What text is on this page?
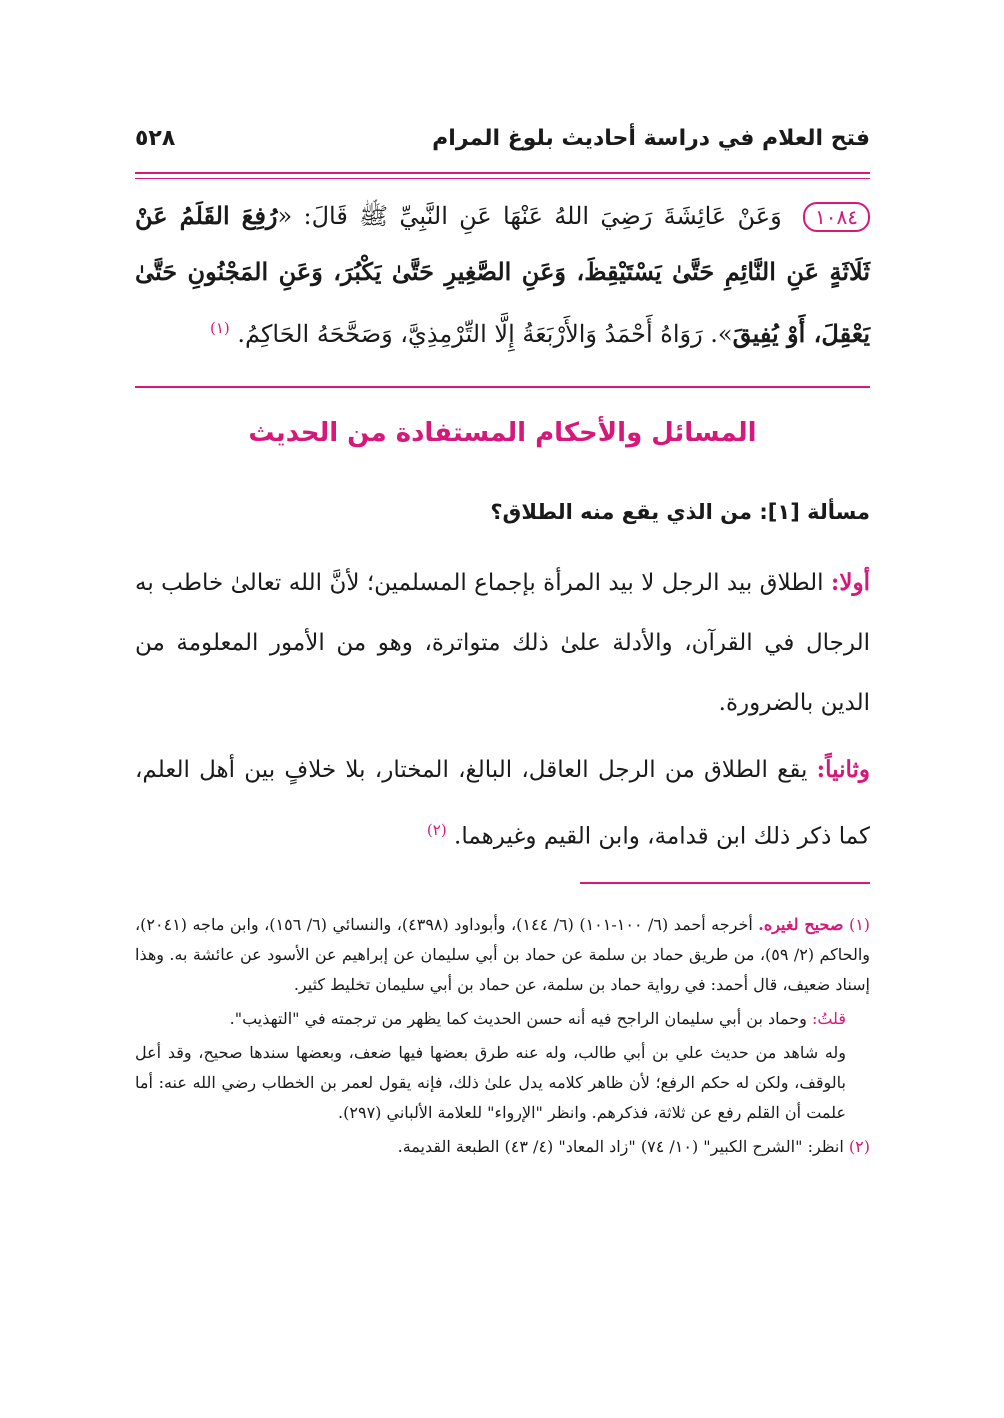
فتح العلام في دراسة أحاديث بلوغ المرام
٥٢٨
١٠٨٤ وَعَنْ عَائِشَةَ رَضِيَ اللهُ عَنْهَا عَنِ النَّبِيِّ ﷺ قَالَ: «رُفِعَ القَلَمُ عَنْ ثَلَاثَةٍ عَنِ النَّائِمِ حَتَّىٰ يَسْتَيْقِظَ، وَعَنِ الصَّغِيرِ حَتَّىٰ يَكْبُرَ، وَعَنِ المَجْنُونِ حَتَّىٰ يَعْقِلَ، أَوْ يُفِيقَ». رَوَاهُ أَحْمَدُ وَالأَرْبَعَةُ إِلَّا التِّرْمِذِيَّ، وَصَحَّحَهُ الحَاكِمُ. $^{(١)}$
المسائل والأحكام المستفادة من الحديث
مسألة [١]: من الذي يقع منه الطلاق؟
أولا: الطلاق بيد الرجل لا بيد المرأة بإجماع المسلمين؛ لأنَّ الله تعالىٰ خاطب به الرجال في القرآن، والأدلة علىٰ ذلك متواترة، وهو من الأمور المعلومة من الدين بالضرورة.
وثانياً: يقع الطلاق من الرجل العاقل، البالغ، المختار، بلا خلافٍ بين أهل العلم، كما ذكر ذلك ابن قدامة، وابن القيم وغيرهما. $^{(٢)}$

(١) صحيح لغيره. أخرجه أحمد (٦/ ١٠٠-١٠١) (٦/ ١٤٤)، وأبوداود (٤٣٩٨)، والنسائي (٦/ ١٥٦)، وابن ماجه (٢٠٤١)، والحاكم (٢/ ٥٩)، من طريق حماد بن سلمة عن حماد بن أبي سليمان عن إبراهيم عن الأسود عن عائشة به. وهذا إسناد ضعيف، قال أحمد: في رواية حماد بن سلمة، عن حماد بن أبي سليمان تخليط كثير.

قلتُ: وحماد بن أبي سليمان الراجح فيه أنه حسن الحديث كما يظهر من ترجمته في "التهذيب".

وله شاهد من حديث علي بن أبي طالب، وله عنه طرق بعضها فيها ضعف، وبعضها سندها صحيح، وقد أعل بالوقف، ولكن له حكم الرفع؛ لأن ظاهر كلامه يدل علىٰ ذلك، فإنه يقول لعمر بن الخطاب رضي الله عنه: أما علمت أن القلم رفع عن ثلاثة، فذكرهم. وانظر "الإرواء" للعلامة الألباني (٢٩٧).

(٢) انظر: "الشرح الكبير" (١٠/ ٧٤) "زاد المعاد" (٤/ ٤٣) الطبعة القديمة.
